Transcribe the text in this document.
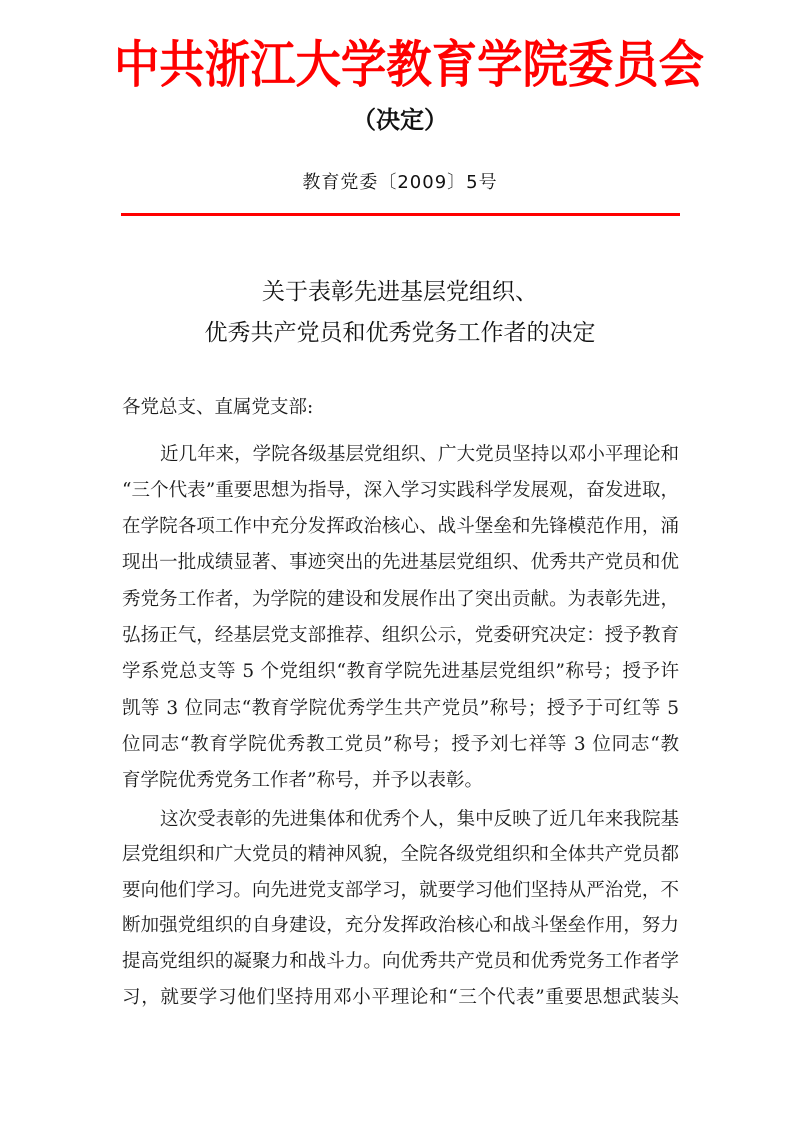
中共浙江大学教育学院委员会
（决定）
教育党委〔2009〕5号
关于表彰先进基层党组织、
优秀共产党员和优秀党务工作者的决定
各党总支、直属党支部:
近几年来，学院各级基层党组织、广大党员坚持以邓小平理论和
“三个代表”重要思想为指导，深入学习实践科学发展观，奋发进取，
在学院各项工作中充分发挥政治核心、战斗堡垒和先锋模范作用，涌
现出一批成绩显著、事迹突出的先进基层党组织、优秀共产党员和优
秀党务工作者，为学院的建设和发展作出了突出贡献。为表彰先进，
弘扬正气，经基层党支部推荐、组织公示，党委研究决定：授予教育
学系党总支等 5 个党组织“教育学院先进基层党组织”称号；授予许
凯等 3 位同志“教育学院优秀学生共产党员”称号；授予于可红等 5
位同志“教育学院优秀教工党员”称号；授予刘七祥等 3 位同志“教
育学院优秀党务工作者”称号，并予以表彰。
这次受表彰的先进集体和优秀个人，集中反映了近几年来我院基
层党组织和广大党员的精神风貌，全院各级党组织和全体共产党员都
要向他们学习。向先进党支部学习，就要学习他们坚持从严治党，不
断加强党组织的自身建设，充分发挥政治核心和战斗堡垒作用，努力
提高党组织的凝聚力和战斗力。向优秀共产党员和优秀党务工作者学
习，就要学习他们坚持用邓小平理论和“三个代表”重要思想武装头
